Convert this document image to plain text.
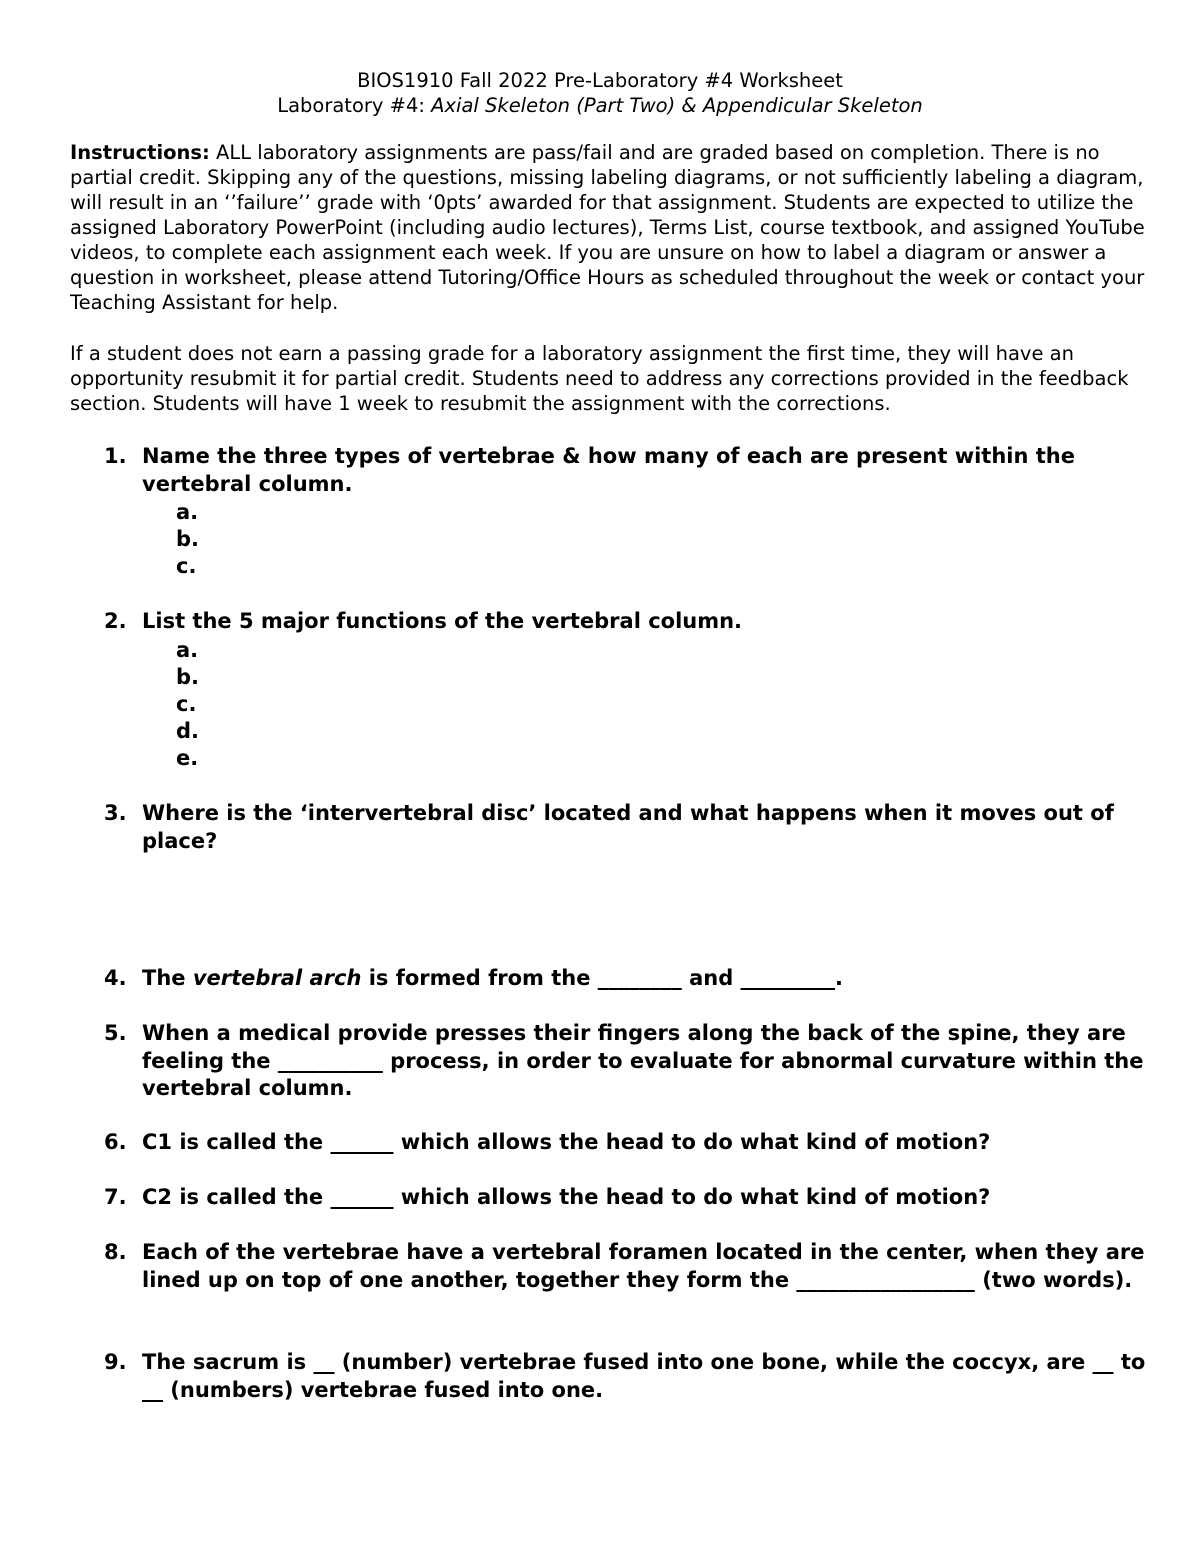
BIOS1910 Fall 2022 Pre-Laboratory #4 Worksheet
Laboratory #4: Axial Skeleton (Part Two) & Appendicular Skeleton

Instructions: ALL laboratory assignments are pass/fail and are graded based on completion. There is no partial credit. Skipping any of the questions, missing labeling diagrams, or not sufficiently labeling a diagram, will result in an ‘’failure’’ grade with ‘0pts’ awarded for that assignment. Students are expected to utilize the assigned Laboratory PowerPoint (including audio lectures), Terms List, course textbook, and assigned YouTube videos, to complete each assignment each week. If you are unsure on how to label a diagram or answer a question in worksheet, please attend Tutoring/Office Hours as scheduled throughout the week or contact your Teaching Assistant for help.

If a student does not earn a passing grade for a laboratory assignment the first time, they will have an opportunity resubmit it for partial credit. Students need to address any corrections provided in the feedback section. Students will have 1 week to resubmit the assignment with the corrections.

1. Name the three types of vertebrae & how many of each are present within the vertebral column.
a.
b.
c.
2. List the 5 major functions of the vertebral column.
a.
b.
c.
d.
e.
3. Where is the ‘intervertebral disc’ located and what happens when it moves out of place?
4. The vertebral arch is formed from the ________ and _________.
5. When a medical provide presses their fingers along the back of the spine, they are feeling the __________ process, in order to evaluate for abnormal curvature within the vertebral column.
6. C1 is called the ______ which allows the head to do what kind of motion?
7. C2 is called the ______ which allows the head to do what kind of motion?
8. Each of the vertebrae have a vertebral foramen located in the center, when they are lined up on top of one another, together they form the _________________ (two words).
9. The sacrum is __ (number) vertebrae fused into one bone, while the coccyx, are __ to __ (numbers) vertebrae fused into one.
